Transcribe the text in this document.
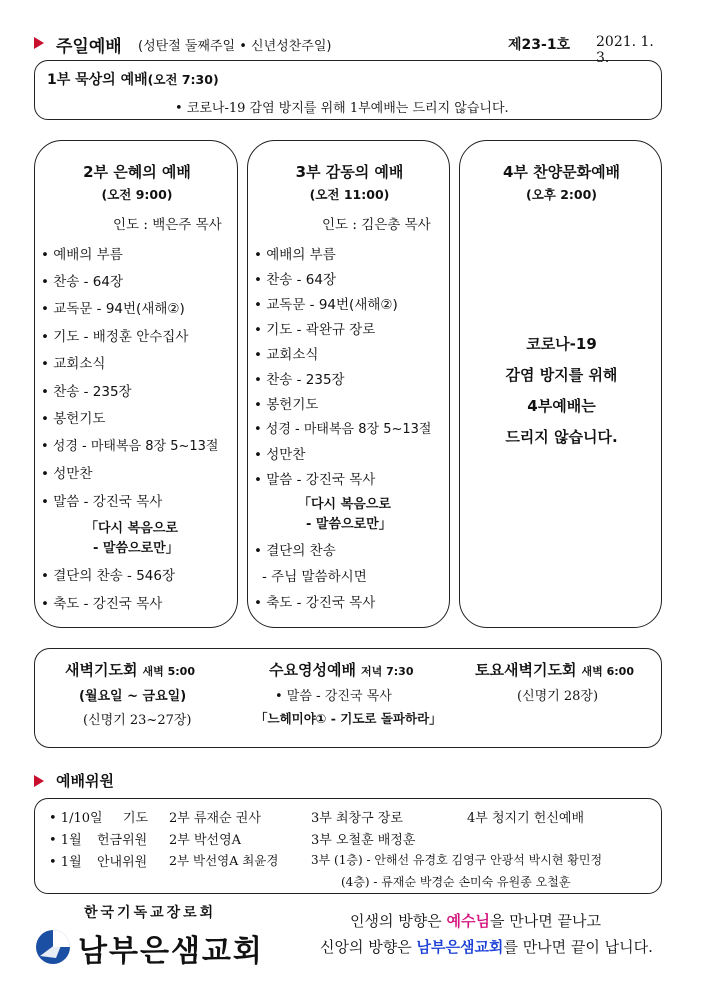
주일예배 (성탄절 둘째주일 • 신년성찬주일)	제23-1호 2021. 1. 3.
1부 묵상의 예배(오전 7:30)
• 코로나-19 감염 방지를 위해 1부예배는 드리지 않습니다.
2부 은혜의 예배
(오전 9:00)
인도 : 백은주 목사
• 예배의 부름
• 찬송 - 64장
• 교독문 - 94번(새해②)
• 기도 - 배정훈 안수집사
• 교회소식
• 찬송 - 235장
• 봉헌기도
• 성경 - 마태복음 8장 5~13절
• 성만찬
• 말씀 - 강진국 목사
「다시 복음으로
- 말씀으로만」
• 결단의 찬송 - 546장
• 축도 - 강진국 목사
3부 감동의 예배
(오전 11:00)
인도 : 김은총 목사
• 예배의 부름
• 찬송 - 64장
• 교독문 - 94번(새해②)
• 기도 - 곽완규 장로
• 교회소식
• 찬송 - 235장
• 봉헌기도
• 성경 - 마태복음 8장 5~13절
• 성만찬
• 말씀 - 강진국 목사
「다시 복음으로
- 말씀으로만」
• 결단의 찬송
- 주님 말씀하시면
• 축도 - 강진국 목사
4부 찬양문화예배
(오후 2:00)
코로나-19
감염 방지를 위해
4부예배는
드리지 않습니다.
새벽기도회 새벽 5:00
(월요일 ~ 금요일)
(신명기 23~27장)
수요영성예배 저녁 7:30
• 말씀 - 강진국 목사
「느헤미야① - 기도로 돌파하라」
토요새벽기도회 새벽 6:00
(신명기 28장)
예배위원
• 1/10일 기도 2부 류재순 권사	3부 최창구 장로	4부 청지기 헌신예배
• 1월 헌금위원 2부 박선영A	3부 오철훈 배정훈
• 1월 안내위원 2부 박선영A 최윤경	3부 (1층) - 안해선 유경호 김영구 안광석 박시현 황민정
(4층) - 류재순 박경순 손미숙 유원종 오철훈
한국기독교장로회
남부은샘교회
인생의 방향은 예수님을 만나면 끝나고
신앙의 방향은 남부은샘교회를 만나면 끝이 납니다.
